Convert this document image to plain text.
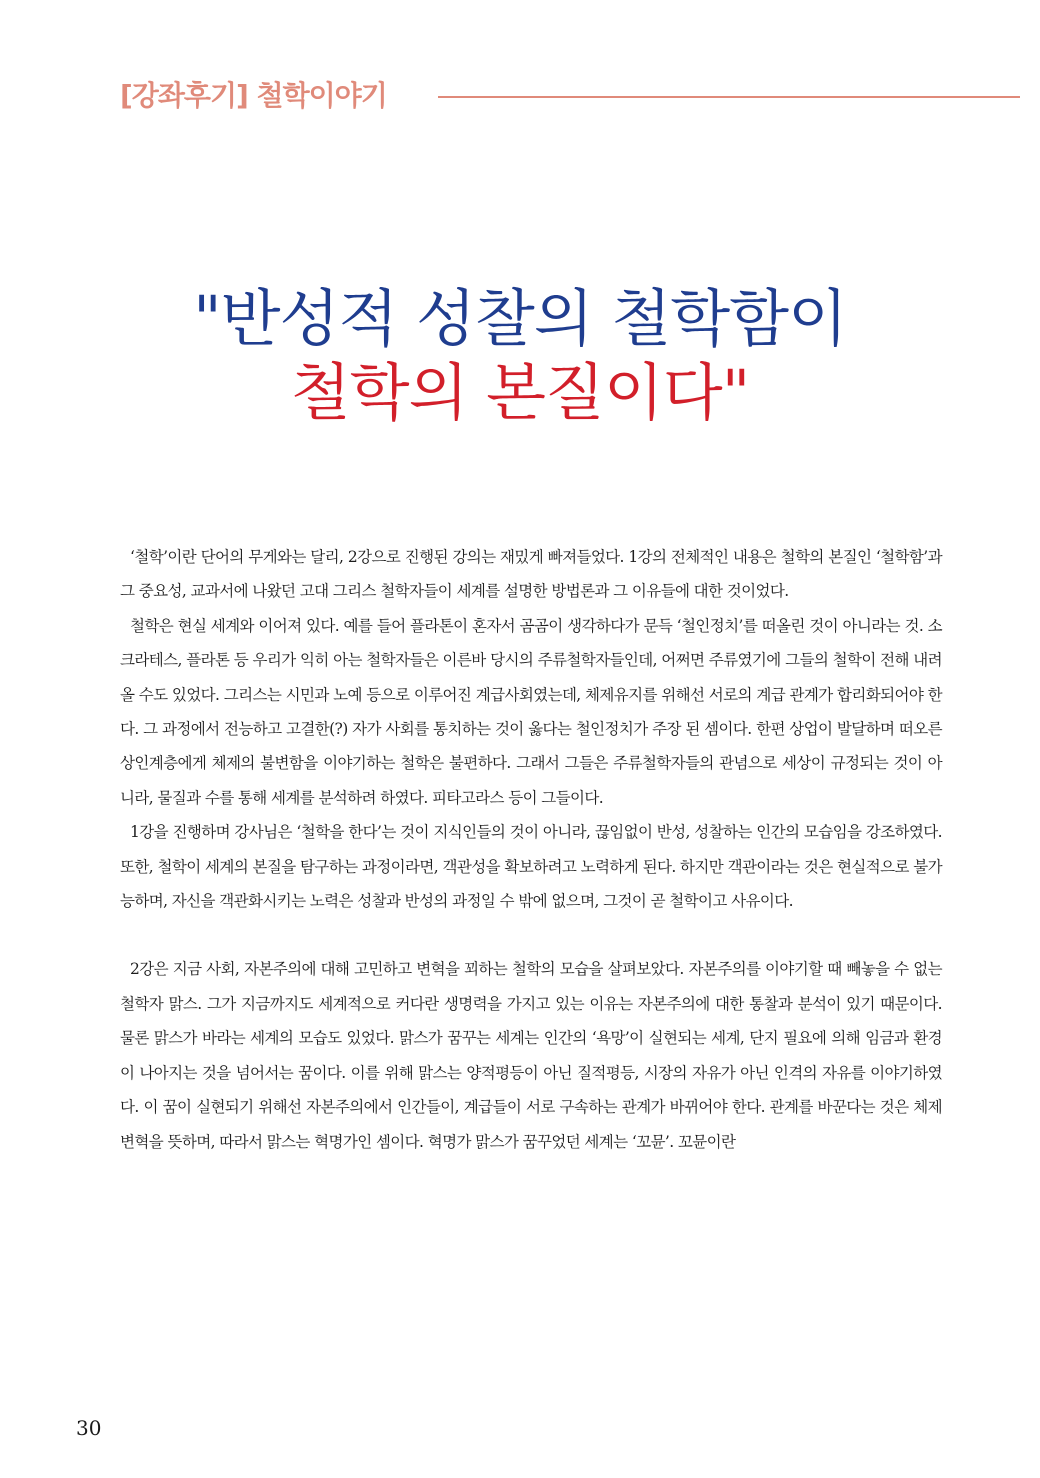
[강좌후기] 철학이야기
"반성적 성찰의 철학함이
철학의 본질이다"

‘철학’이란 단어의 무게와는 달리, 2강으로 진행된 강의는 재밌게 빠져들었다. 1강의 전체적인 내용은 철학의 본질인 ‘철학함’과 그 중요성, 교과서에 나왔던 고대 그리스 철학자들이 세계를 설명한 방법론과 그 이유들에 대한 것이었다.

철학은 현실 세계와 이어져 있다. 예를 들어 플라톤이 혼자서 곰곰이 생각하다가 문득 ‘철인정치’를 떠올린 것이 아니라는 것. 소크라테스, 플라톤 등 우리가 익히 아는 철학자들은 이른바 당시의 주류철학자들인데, 어쩌면 주류였기에 그들의 철학이 전해 내려올 수도 있었다. 그리스는 시민과 노예 등으로 이루어진 계급사회였는데, 체제유지를 위해선 서로의 계급 관계가 합리화되어야 한다. 그 과정에서 전능하고 고결한(?) 자가 사회를 통치하는 것이 옳다는 철인정치가 주장 된 셈이다. 한편 상업이 발달하며 떠오른 상인계층에게 체제의 불변함을 이야기하는 철학은 불편하다. 그래서 그들은 주류철학자들의 관념으로 세상이 규정되는 것이 아니라, 물질과 수를 통해 세계를 분석하려 하였다. 피타고라스 등이 그들이다.

1강을 진행하며 강사님은 ‘철학을 한다’는 것이 지식인들의 것이 아니라, 끊임없이 반성, 성찰하는 인간의 모습임을 강조하였다. 또한, 철학이 세계의 본질을 탐구하는 과정이라면, 객관성을 확보하려고 노력하게 된다. 하지만 객관이라는 것은 현실적으로 불가능하며, 자신을 객관화시키는 노력은 성찰과 반성의 과정일 수 밖에 없으며, 그것이 곧 철학이고 사유이다.

2강은 지금 사회, 자본주의에 대해 고민하고 변혁을 꾀하는 철학의 모습을 살펴보았다. 자본주의를 이야기할 때 빼놓을 수 없는 철학자 맑스. 그가 지금까지도 세계적으로 커다란 생명력을 가지고 있는 이유는 자본주의에 대한 통찰과 분석이 있기 때문이다. 물론 맑스가 바라는 세계의 모습도 있었다. 맑스가 꿈꾸는 세계는 인간의 ‘욕망’이 실현되는 세계, 단지 필요에 의해 임금과 환경이 나아지는 것을 넘어서는 꿈이다. 이를 위해 맑스는 양적평등이 아닌 질적평등, 시장의 자유가 아닌 인격의 자유를 이야기하였다. 이 꿈이 실현되기 위해선 자본주의에서 인간들이, 계급들이 서로 구속하는 관계가 바뀌어야 한다. 관계를 바꾼다는 것은 체제 변혁을 뜻하며, 따라서 맑스는 혁명가인 셈이다. 혁명가 맑스가 꿈꾸었던 세계는 ‘꼬뮨’. 꼬뮨이란

30
